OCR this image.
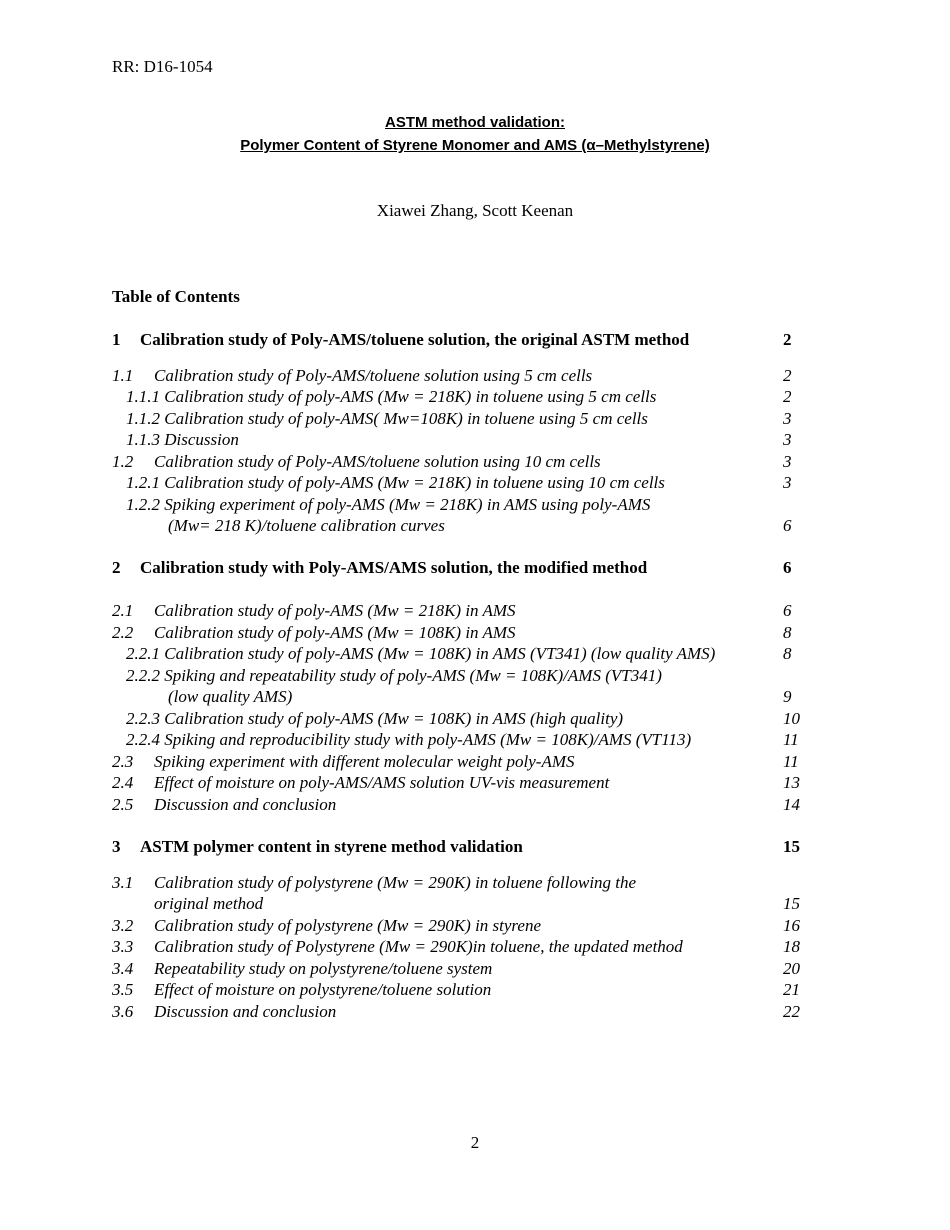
RR: D16-1054
ASTM method validation:
Polymer Content of Styrene Monomer and AMS (α–Methylstyrene)
Xiawei Zhang, Scott Keenan
Table of Contents
1 Calibration study of Poly-AMS/toluene solution, the original ASTM method	2
1.1 Calibration study of Poly-AMS/toluene solution using 5 cm cells	2
1.1.1 Calibration study of poly-AMS (Mw = 218K) in toluene using 5 cm cells	2
1.1.2 Calibration study of poly-AMS( Mw=108K) in toluene using 5 cm cells	3
1.1.3 Discussion	3
1.2 Calibration study of Poly-AMS/toluene solution using 10 cm cells	3
1.2.1 Calibration study of poly-AMS (Mw = 218K) in toluene using 10 cm cells	3
1.2.2 Spiking experiment of poly-AMS (Mw = 218K) in AMS using poly-AMS
(Mw= 218 K)/toluene calibration curves	6
2 Calibration study with Poly-AMS/AMS solution, the modified method	6
2.1 Calibration study of poly-AMS (Mw = 218K) in AMS	6
2.2 Calibration study of poly-AMS (Mw = 108K) in AMS	8
2.2.1 Calibration study of poly-AMS (Mw = 108K) in AMS (VT341) (low quality AMS)	8
2.2.2 Spiking and repeatability study of poly-AMS (Mw = 108K)/AMS (VT341)
(low quality AMS)	9
2.2.3 Calibration study of poly-AMS (Mw = 108K) in AMS (high quality)	10
2.2.4 Spiking and reproducibility study with poly-AMS (Mw = 108K)/AMS (VT113)	11
2.3 Spiking experiment with different molecular weight poly-AMS	11
2.4 Effect of moisture on poly-AMS/AMS solution UV-vis measurement	13
2.5 Discussion and conclusion	14
3 ASTM polymer content in styrene method validation	15
3.1 Calibration study of polystyrene (Mw = 290K) in toluene following the
original method	15
3.2 Calibration study of polystyrene (Mw = 290K) in styrene	16
3.3 Calibration study of Polystyrene (Mw = 290K)in toluene, the updated method	18
3.4 Repeatability study on polystyrene/toluene system	20
3.5 Effect of moisture on polystyrene/toluene solution	21
3.6 Discussion and conclusion	22
2
